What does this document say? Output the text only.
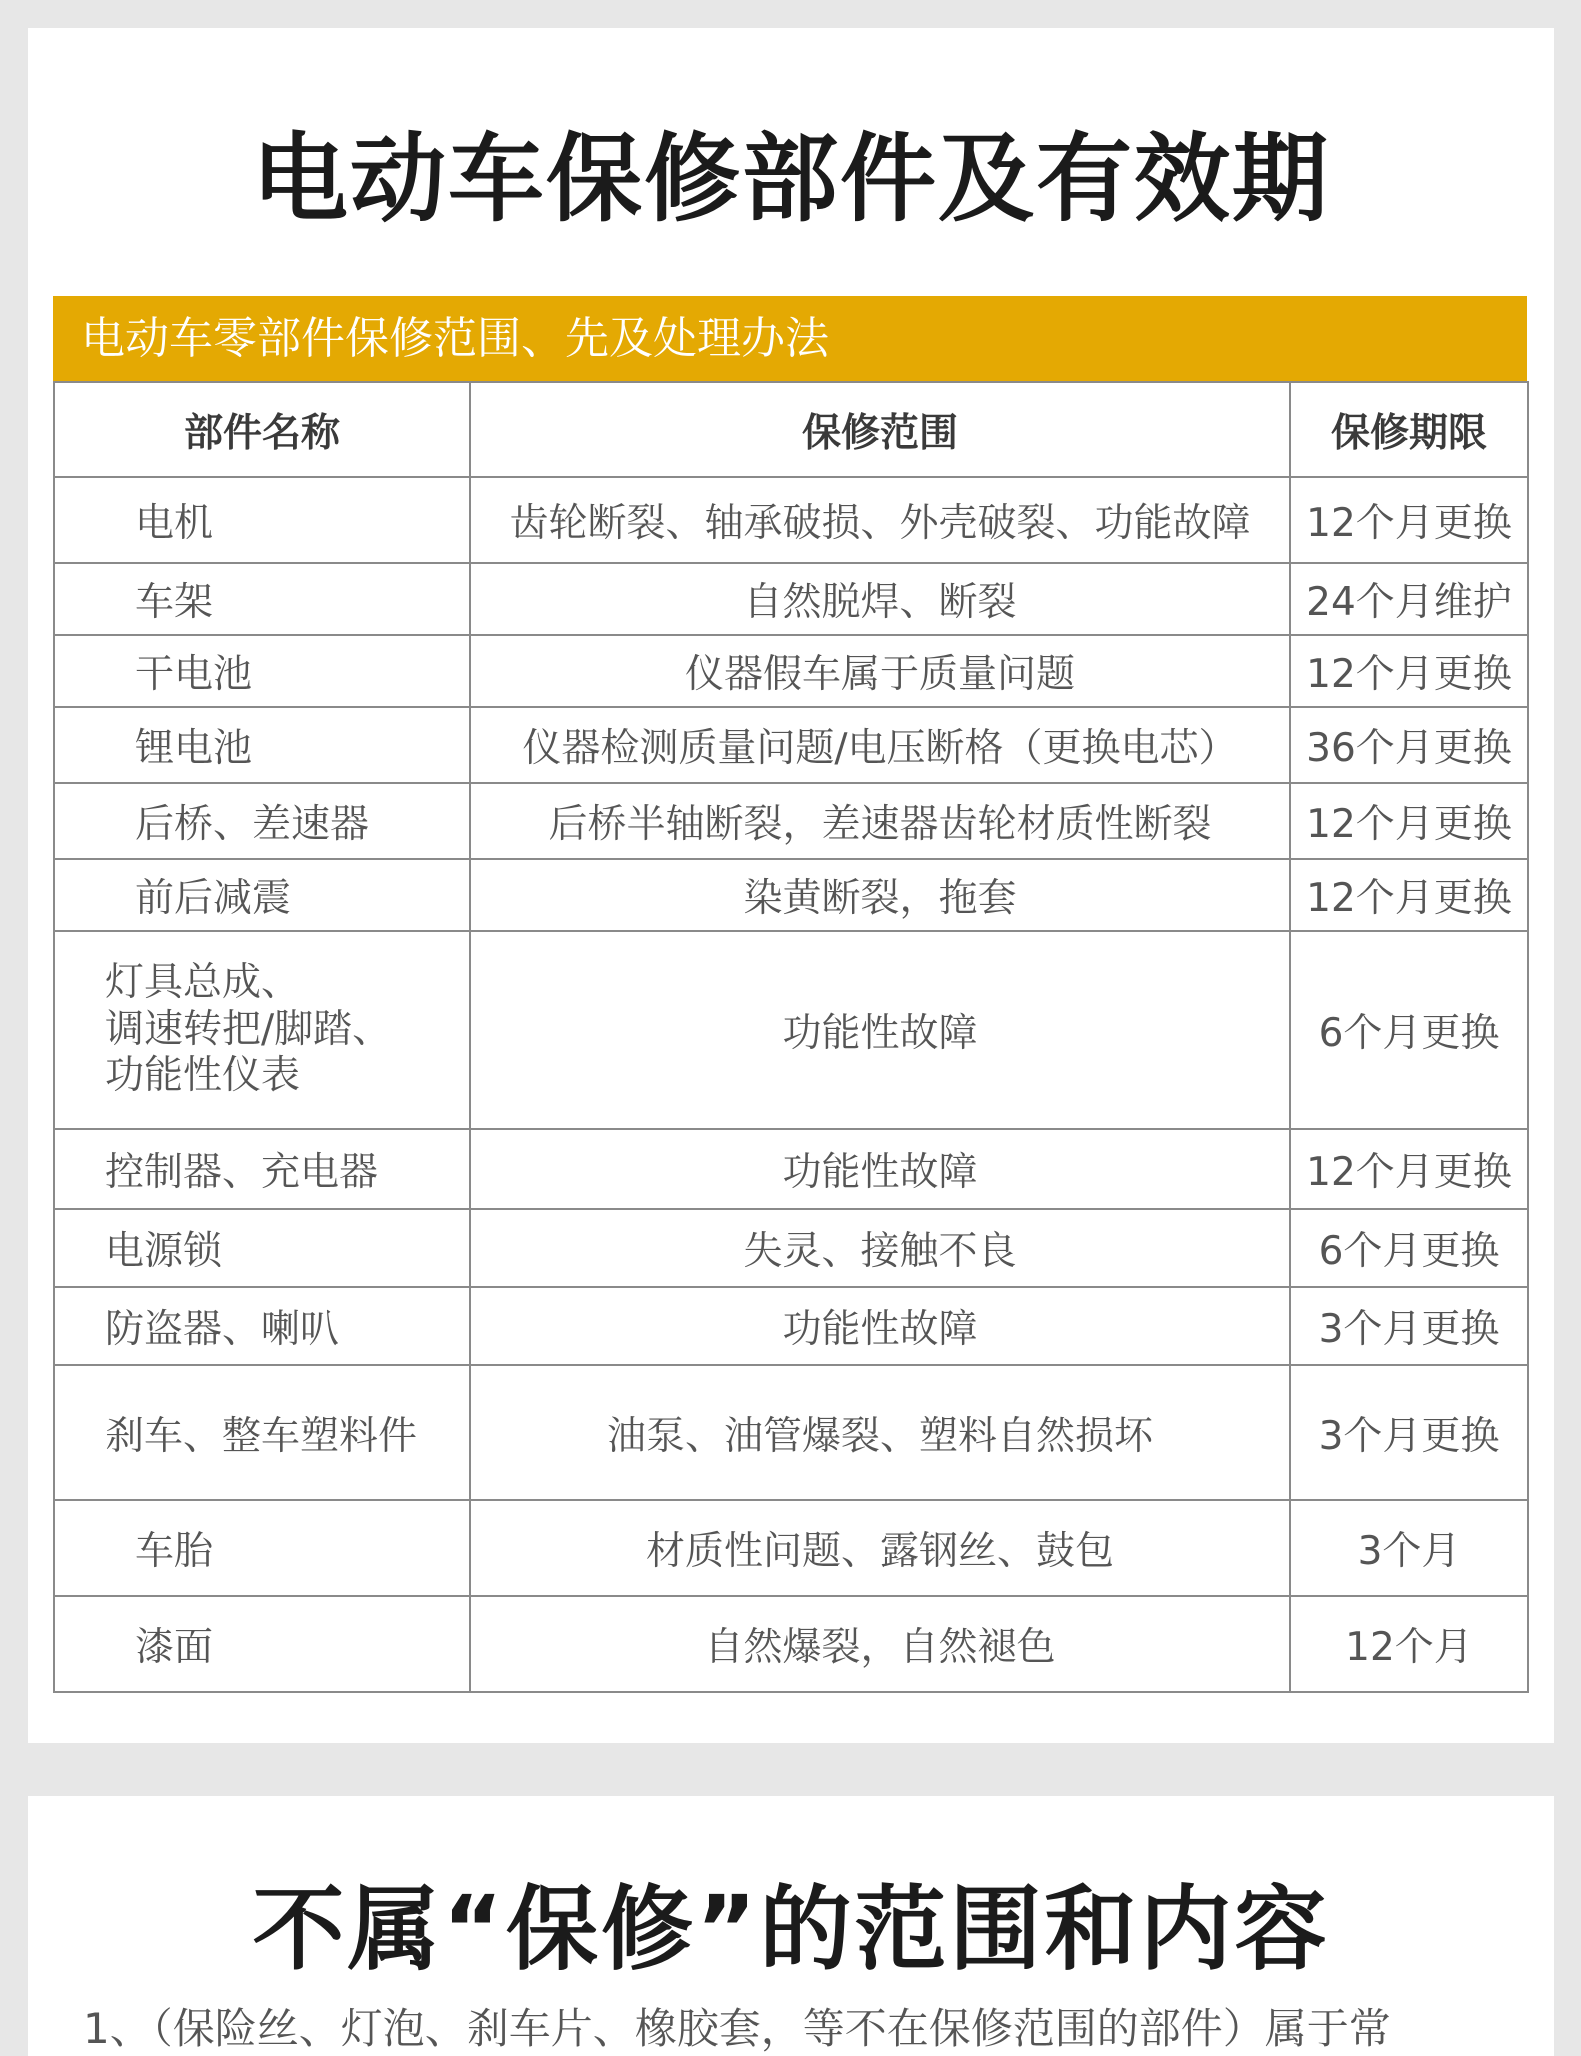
电动车保修部件及有效期
电动车零部件保修范围、先及处理办法
部件名称	保修范围	保修期限
电机	齿轮断裂、轴承破损、外壳破裂、功能故障	12个月更换
车架	自然脱焊、断裂	24个月维护
干电池	仪器假车属于质量问题	12个月更换
锂电池	仪器检测质量问题/电压断格（更换电芯）	36个月更换
后桥、差速器	后桥半轴断裂，差速器齿轮材质性断裂	12个月更换
前后减震	染黄断裂，拖套	12个月更换

灯具总成、
调速转把/脚踏、
功能性仪表	功能性故障	6个月更换
控制器、充电器	功能性故障	12个月更换
电源锁	失灵、接触不良	6个月更换
防盗器、喇叭	功能性故障	3个月更换
刹车、整车塑料件	油泵、油管爆裂、塑料自然损坏	3个月更换
车胎	材质性问题、露钢丝、鼓包	3个月
漆面	自然爆裂，自然褪色	12个月
不属“保修”的范围和内容
1、（保险丝、灯泡、刹车片、橡胶套，等不在保修范围的部件）属于常
